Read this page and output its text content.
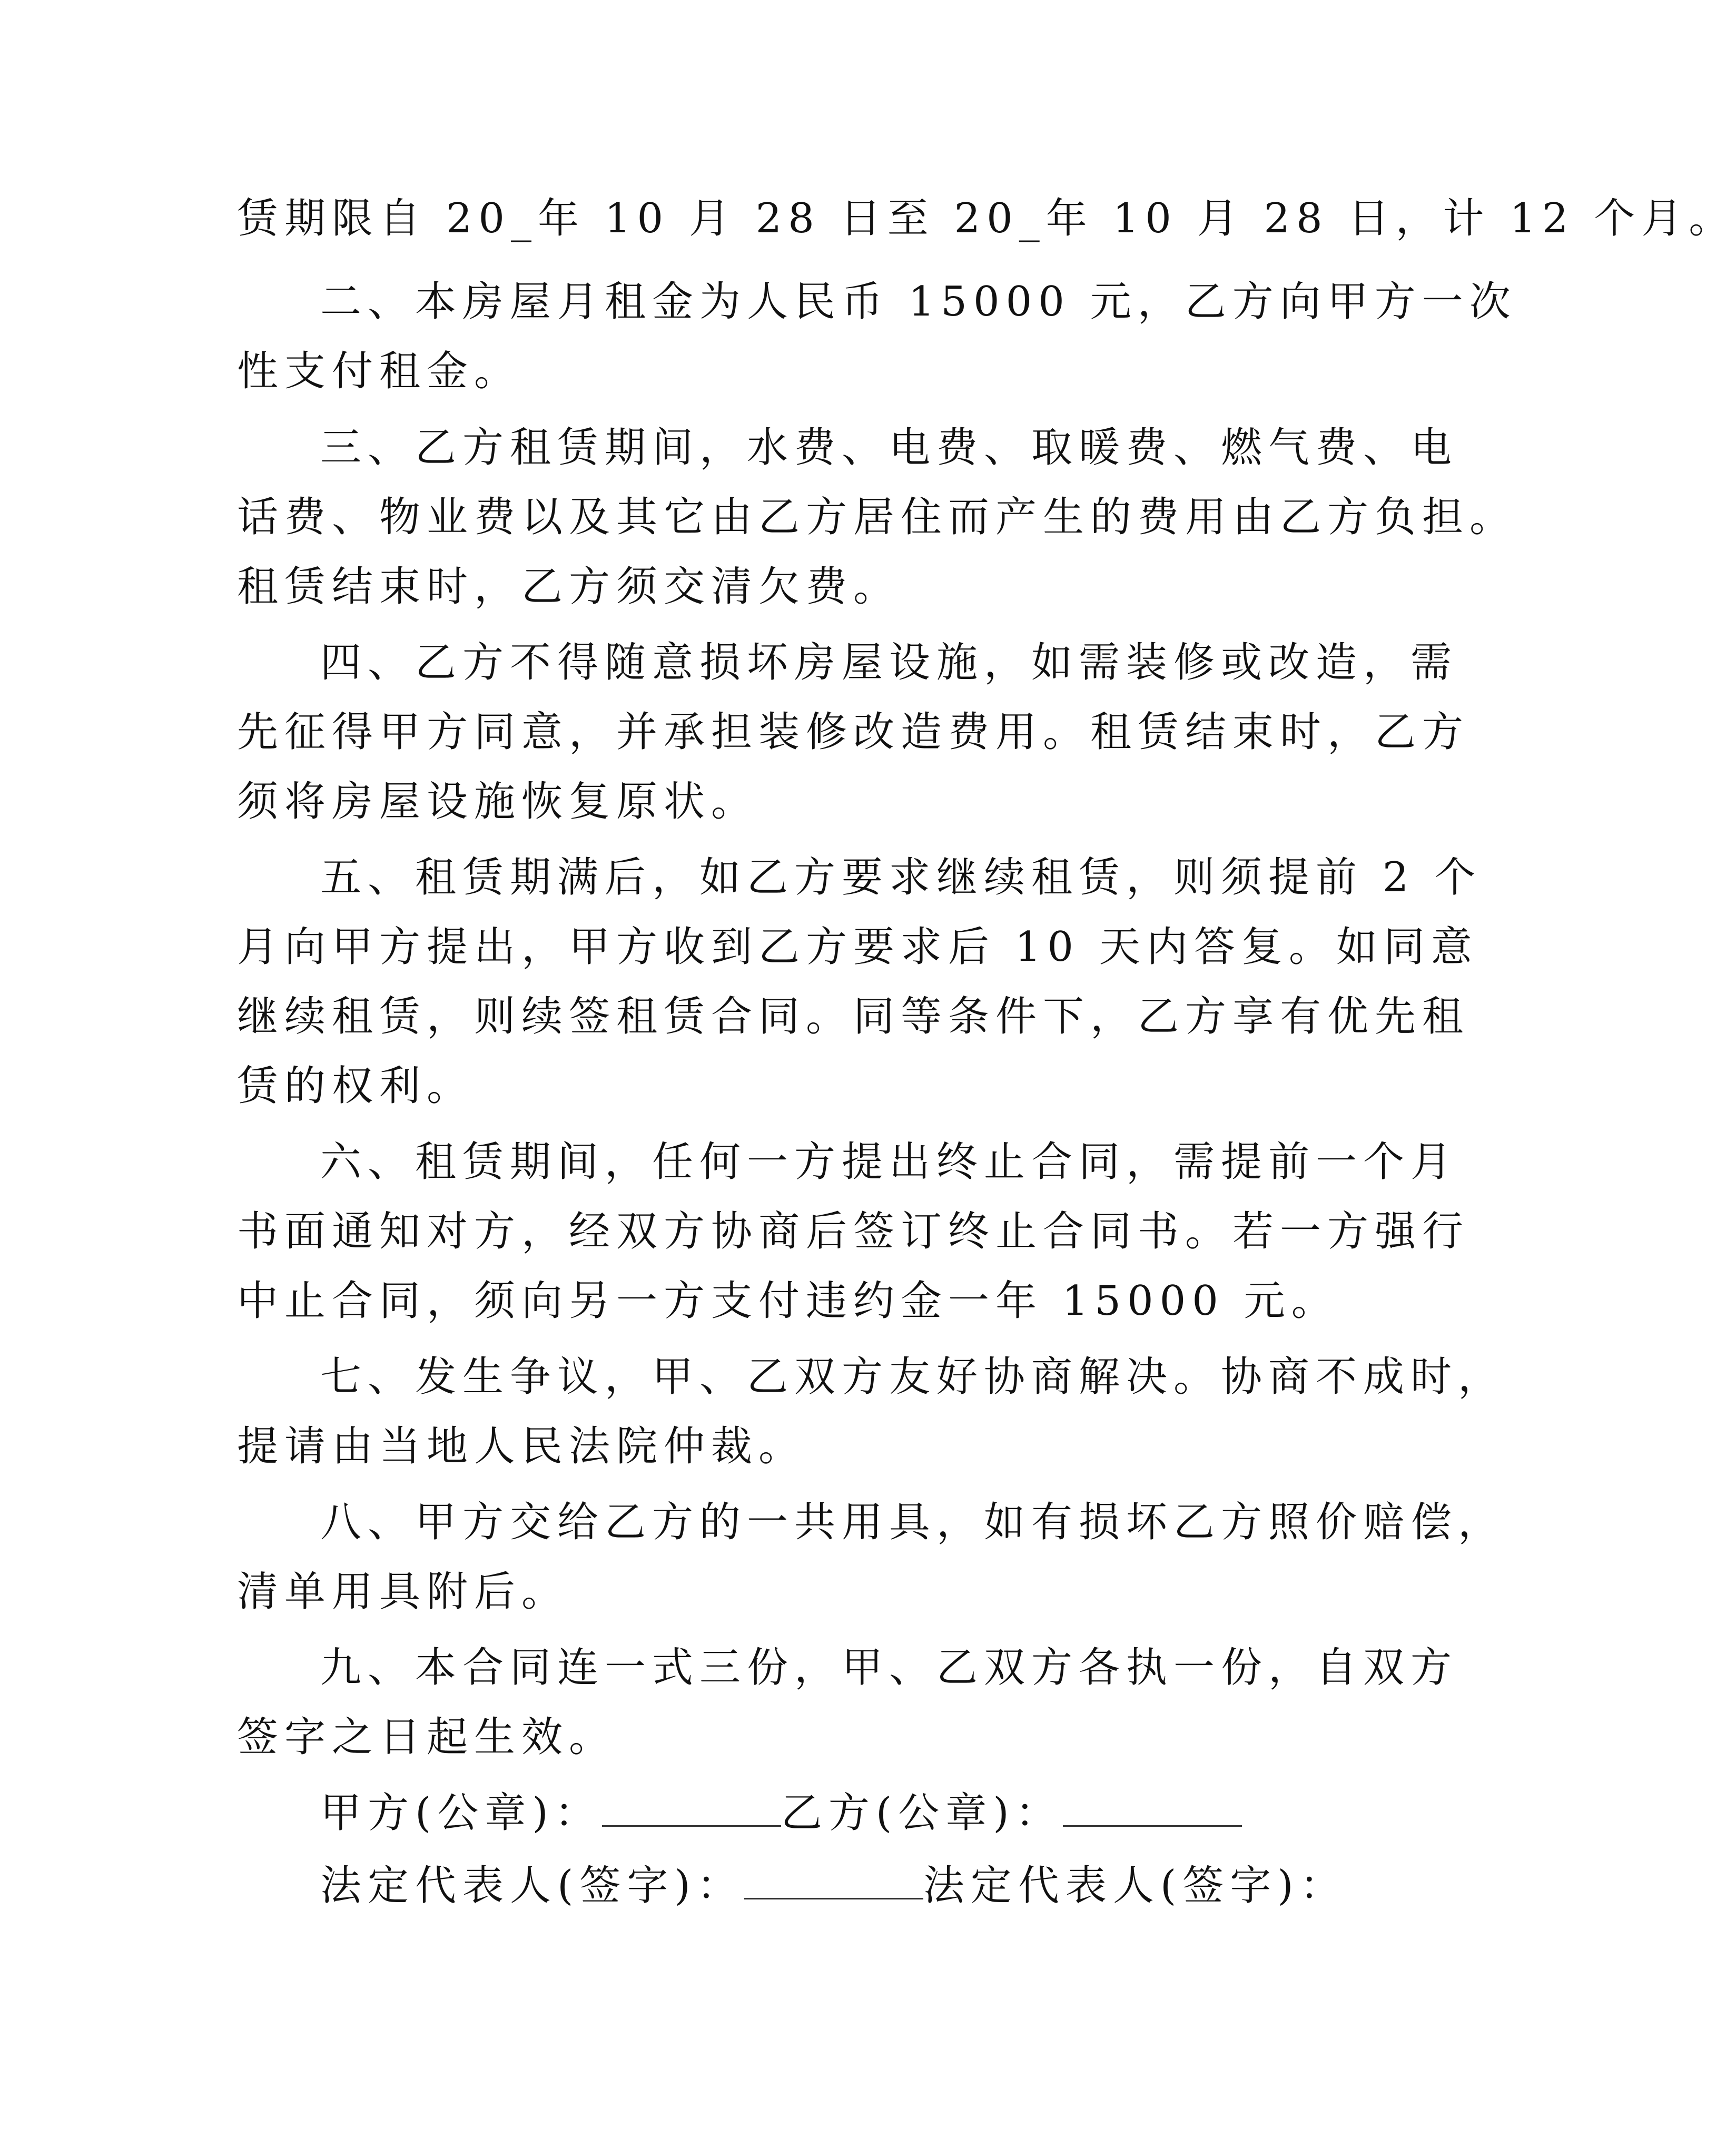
赁期限自 20_年 10 月 28 日至 20_年 10 月 28 日，计 12 个月。

二、本房屋月租金为人民币 15000 元，乙方向甲方一次

性支付租金。

三、乙方租赁期间，水费、电费、取暖费、燃气费、电

话费、物业费以及其它由乙方居住而产生的费用由乙方负担。

租赁结束时，乙方须交清欠费。

四、乙方不得随意损坏房屋设施，如需装修或改造，需

先征得甲方同意，并承担装修改造费用。租赁结束时，乙方

须将房屋设施恢复原状。

五、租赁期满后，如乙方要求继续租赁，则须提前 2 个

月向甲方提出，甲方收到乙方要求后 10 天内答复。如同意

继续租赁，则续签租赁合同。同等条件下，乙方享有优先租

赁的权利。

六、租赁期间，任何一方提出终止合同，需提前一个月

书面通知对方，经双方协商后签订终止合同书。若一方强行

中止合同，须向另一方支付违约金一年 15000 元。

七、发生争议，甲、乙双方友好协商解决。协商不成时，

提请由当地人民法院仲裁。

八、甲方交给乙方的一共用具，如有损坏乙方照价赔偿，

清单用具附后。

九、本合同连一式三份，甲、乙双方各执一份，自双方

签字之日起生效。

甲方(公章)：	乙方(公章)：

法定代表人(签字)：	法定代表人(签字)：
